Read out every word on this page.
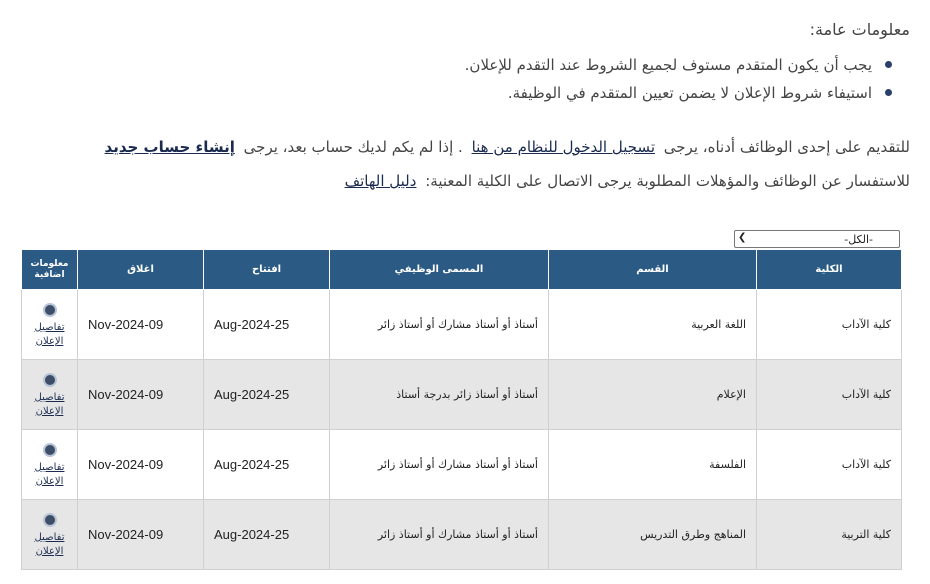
معلومات عامة:
يجب أن يكون المتقدم مستوف لجميع الشروط عند التقدم للإعلان.
استيفاء شروط الإعلان لا يضمن تعيين المتقدم في الوظيفة.
للتقديم على إحدى الوظائف أدناه، يرجى تسجيل الدخول للنظام من هنا . إذا لم يكم لديك حساب بعد، يرجى إنشاء حساب جديد
للاستفسار عن الوظائف والمؤهلات المطلوبة يرجى الاتصال على الكلية المعنية: دليل الهاتف
-الكل-
❯
الكلية	القسم	المسمى الوظيفي	افتتاح	اغلاق	معلومات اضافية
كلية الآداب	اللغة العربية	أستاذ أو أستاذ مشارك أو أستاذ زائر	25-Aug-2024	09-Nov-2024	تفاصيل الإعلان

كلية الآداب	الإعلام	أستاذ أو أستاذ زائر بدرجة أستاذ	25-Aug-2024	09-Nov-2024	تفاصيل الإعلان

كلية الآداب	الفلسفة	أستاذ أو أستاذ مشارك أو أستاذ زائر	25-Aug-2024	09-Nov-2024	تفاصيل الإعلان

كلية التربية	المناهج وطرق التدريس	أستاذ أو أستاذ مشارك أو أستاذ زائر	25-Aug-2024	09-Nov-2024	تفاصيل الإعلان
